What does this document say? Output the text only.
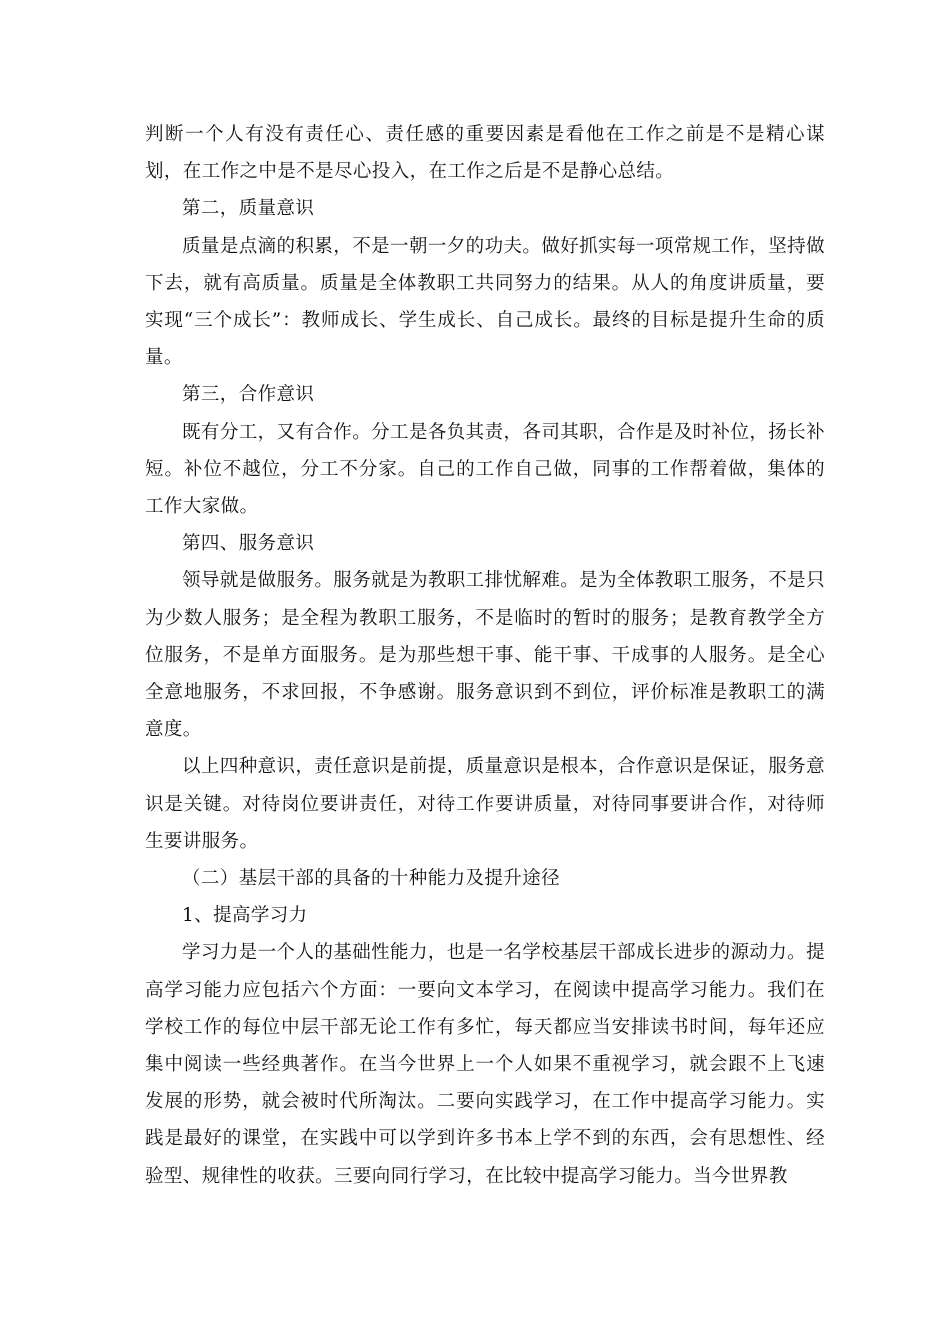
判断一个人有没有责任心、责任感的重要因素是看他在工作之前是不是精心谋划，在工作之中是不是尽心投入，在工作之后是不是静心总结。

第二，质量意识

质量是点滴的积累，不是一朝一夕的功夫。做好抓实每一项常规工作，坚持做下去，就有高质量。质量是全体教职工共同努力的结果。从人的角度讲质量，要实现“三个成长”：教师成长、学生成长、自己成长。最终的目标是提升生命的质量。

第三，合作意识

既有分工，又有合作。分工是各负其责，各司其职，合作是及时补位，扬长补短。补位不越位，分工不分家。自己的工作自己做，同事的工作帮着做，集体的工作大家做。

第四、服务意识

领导就是做服务。服务就是为教职工排忧解难。是为全体教职工服务，不是只为少数人服务；是全程为教职工服务，不是临时的暂时的服务；是教育教学全方位服务，不是单方面服务。是为那些想干事、能干事、干成事的人服务。是全心全意地服务，不求回报，不争感谢。服务意识到不到位，评价标准是教职工的满意度。

以上四种意识，责任意识是前提，质量意识是根本，合作意识是保证，服务意识是关键。对待岗位要讲责任，对待工作要讲质量，对待同事要讲合作，对待师生要讲服务。

（二）基层干部的具备的十种能力及提升途径

1、提高学习力

学习力是一个人的基础性能力，也是一名学校基层干部成长进步的源动力。提高学习能力应包括六个方面：一要向文本学习，在阅读中提高学习能力。我们在学校工作的每位中层干部无论工作有多忙，每天都应当安排读书时间，每年还应集中阅读一些经典著作。在当今世界上一个人如果不重视学习，就会跟不上飞速发展的形势，就会被时代所淘汰。二要向实践学习，在工作中提高学习能力。实践是最好的课堂，在实践中可以学到许多书本上学不到的东西，会有思想性、经验型、规律性的收获。三要向同行学习，在比较中提高学习能力。当今世界教
